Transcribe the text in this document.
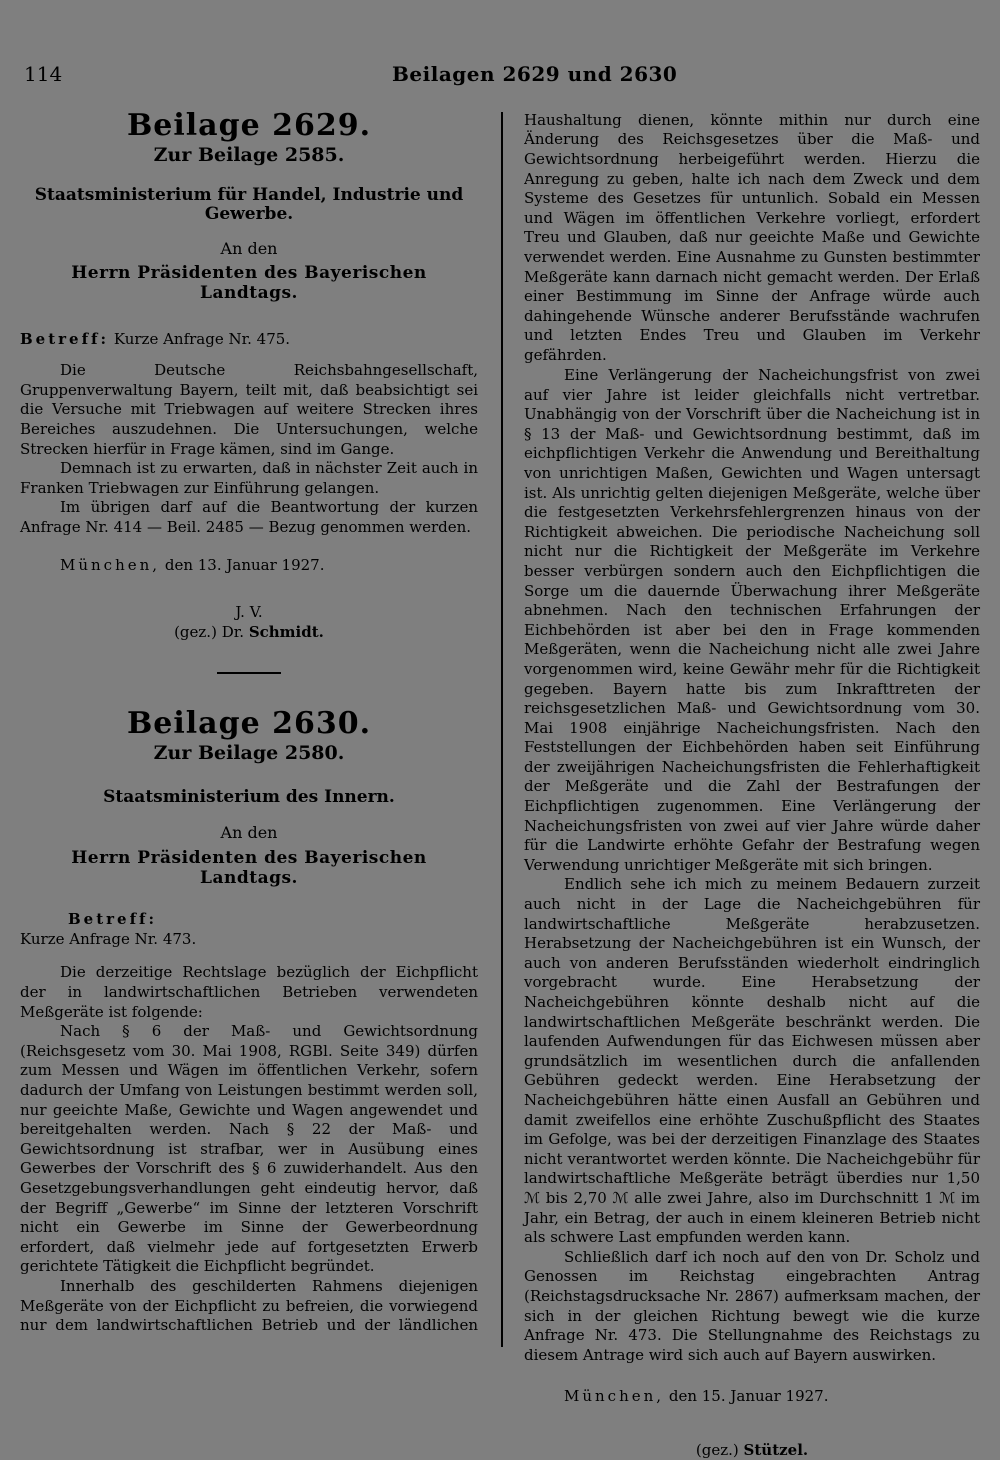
114	Beilagen 2629 und 2630
Beilage 2629.
Zur Beilage 2585.
Staatsministerium für Handel, Industrie und Gewerbe.
An den
Herrn Präsidenten des Bayerischen Landtags.

Betreff: Kurze Anfrage Nr. 475.

Die Deutsche Reichsbahngesellschaft, Gruppenverwaltung Bayern, teilt mit, daß beabsichtigt sei die Versuche mit Triebwagen auf weitere Strecken ihres Bereiches auszudehnen. Die Untersuchungen, welche Strecken hierfür in Frage kämen, sind im Gange.

Demnach ist zu erwarten, daß in nächster Zeit auch in Franken Triebwagen zur Einführung gelangen.

Im übrigen darf auf die Beantwortung der kurzen Anfrage Nr. 414 — Beil. 2485 — Bezug genommen werden.

München, den 13. Januar 1927.

J. V.
(gez.) Dr. Schmidt.
Beilage 2630.
Zur Beilage 2580.
Staatsministerium des Innern.
An den
Herrn Präsidenten des Bayerischen Landtags.

Betreff:

Kurze Anfrage Nr. 473.

Die derzeitige Rechtslage bezüglich der Eichpflicht der in landwirtschaftlichen Betrieben verwendeten Meßgeräte ist folgende:

Nach § 6 der Maß- und Gewichtsordnung (Reichsgesetz vom 30. Mai 1908, RGBl. Seite 349) dürfen zum Messen und Wägen im öffentlichen Verkehr, sofern dadurch der Umfang von Leistungen bestimmt werden soll, nur geeichte Maße, Gewichte und Wagen angewendet und bereitgehalten werden. Nach § 22 der Maß- und Gewichtsordnung ist strafbar, wer in Ausübung eines Gewerbes der Vorschrift des § 6 zuwiderhandelt. Aus den Gesetzgebungsverhandlungen geht eindeutig hervor, daß der Begriff „Gewerbe“ im Sinne der letzteren Vorschrift nicht ein Gewerbe im Sinne der Gewerbeordnung erfordert, daß vielmehr jede auf fortgesetzten Erwerb gerichtete Tätigkeit die Eichpflicht begründet.

Innerhalb des geschilderten Rahmens diejenigen Meßgeräte von der Eichpflicht zu befreien, die vorwiegend nur dem landwirtschaftlichen Betrieb und der ländlichen

Haushaltung dienen, könnte mithin nur durch eine Änderung des Reichsgesetzes über die Maß- und Gewichtsordnung herbeigeführt werden. Hierzu die Anregung zu geben, halte ich nach dem Zweck und dem Systeme des Gesetzes für untunlich. Sobald ein Messen und Wägen im öffentlichen Verkehre vorliegt, erfordert Treu und Glauben, daß nur geeichte Maße und Gewichte verwendet werden. Eine Ausnahme zu Gunsten bestimmter Meßgeräte kann darnach nicht gemacht werden. Der Erlaß einer Bestimmung im Sinne der Anfrage würde auch dahingehende Wünsche anderer Berufsstände wachrufen und letzten Endes Treu und Glauben im Verkehr gefährden.

Eine Verlängerung der Nacheichungsfrist von zwei auf vier Jahre ist leider gleichfalls nicht vertretbar. Unabhängig von der Vorschrift über die Nacheichung ist in § 13 der Maß- und Gewichtsordnung bestimmt, daß im eichpflichtigen Verkehr die Anwendung und Bereithaltung von unrichtigen Maßen, Gewichten und Wagen untersagt ist. Als unrichtig gelten diejenigen Meßgeräte, welche über die festgesetzten Verkehrsfehlergrenzen hinaus von der Richtigkeit abweichen. Die periodische Nacheichung soll nicht nur die Richtigkeit der Meßgeräte im Verkehre besser verbürgen sondern auch den Eichpflichtigen die Sorge um die dauernde Überwachung ihrer Meßgeräte abnehmen. Nach den technischen Erfahrungen der Eichbehörden ist aber bei den in Frage kommenden Meßgeräten, wenn die Nacheichung nicht alle zwei Jahre vorgenommen wird, keine Gewähr mehr für die Richtigkeit gegeben. Bayern hatte bis zum Inkrafttreten der reichsgesetzlichen Maß- und Gewichtsordnung vom 30. Mai 1908 einjährige Nacheichungsfristen. Nach den Feststellungen der Eichbehörden haben seit Einführung der zweijährigen Nacheichungsfristen die Fehlerhaftigkeit der Meßgeräte und die Zahl der Bestrafungen der Eichpflichtigen zugenommen. Eine Verlängerung der Nacheichungsfristen von zwei auf vier Jahre würde daher für die Landwirte erhöhte Gefahr der Bestrafung wegen Verwendung unrichtiger Meßgeräte mit sich bringen.

Endlich sehe ich mich zu meinem Bedauern zurzeit auch nicht in der Lage die Nacheichgebühren für landwirtschaftliche Meßgeräte herabzusetzen. Herabsetzung der Nacheichgebühren ist ein Wunsch, der auch von anderen Berufsständen wiederholt eindringlich vorgebracht wurde. Eine Herabsetzung der Nacheichgebühren könnte deshalb nicht auf die landwirtschaftlichen Meßgeräte beschränkt werden. Die laufenden Aufwendungen für das Eichwesen müssen aber grundsätzlich im wesentlichen durch die anfallenden Gebühren gedeckt werden. Eine Herabsetzung der Nacheichgebühren hätte einen Ausfall an Gebühren und damit zweifellos eine erhöhte Zuschußpflicht des Staates im Gefolge, was bei der derzeitigen Finanzlage des Staates nicht verantwortet werden könnte. Die Nacheichgebühr für landwirtschaftliche Meßgeräte beträgt überdies nur 1,50 ℳ bis 2,70 ℳ alle zwei Jahre, also im Durchschnitt 1 ℳ im Jahr, ein Betrag, der auch in einem kleineren Betrieb nicht als schwere Last empfunden werden kann.

Schließlich darf ich noch auf den von Dr. Scholz und Genossen im Reichstag eingebrachten Antrag (Reichstagsdrucksache Nr. 2867) aufmerksam machen, der sich in der gleichen Richtung bewegt wie die kurze Anfrage Nr. 473. Die Stellungnahme des Reichstags zu diesem Antrage wird sich auch auf Bayern auswirken.

München, den 15. Januar 1927.

(gez.) Stützel.
